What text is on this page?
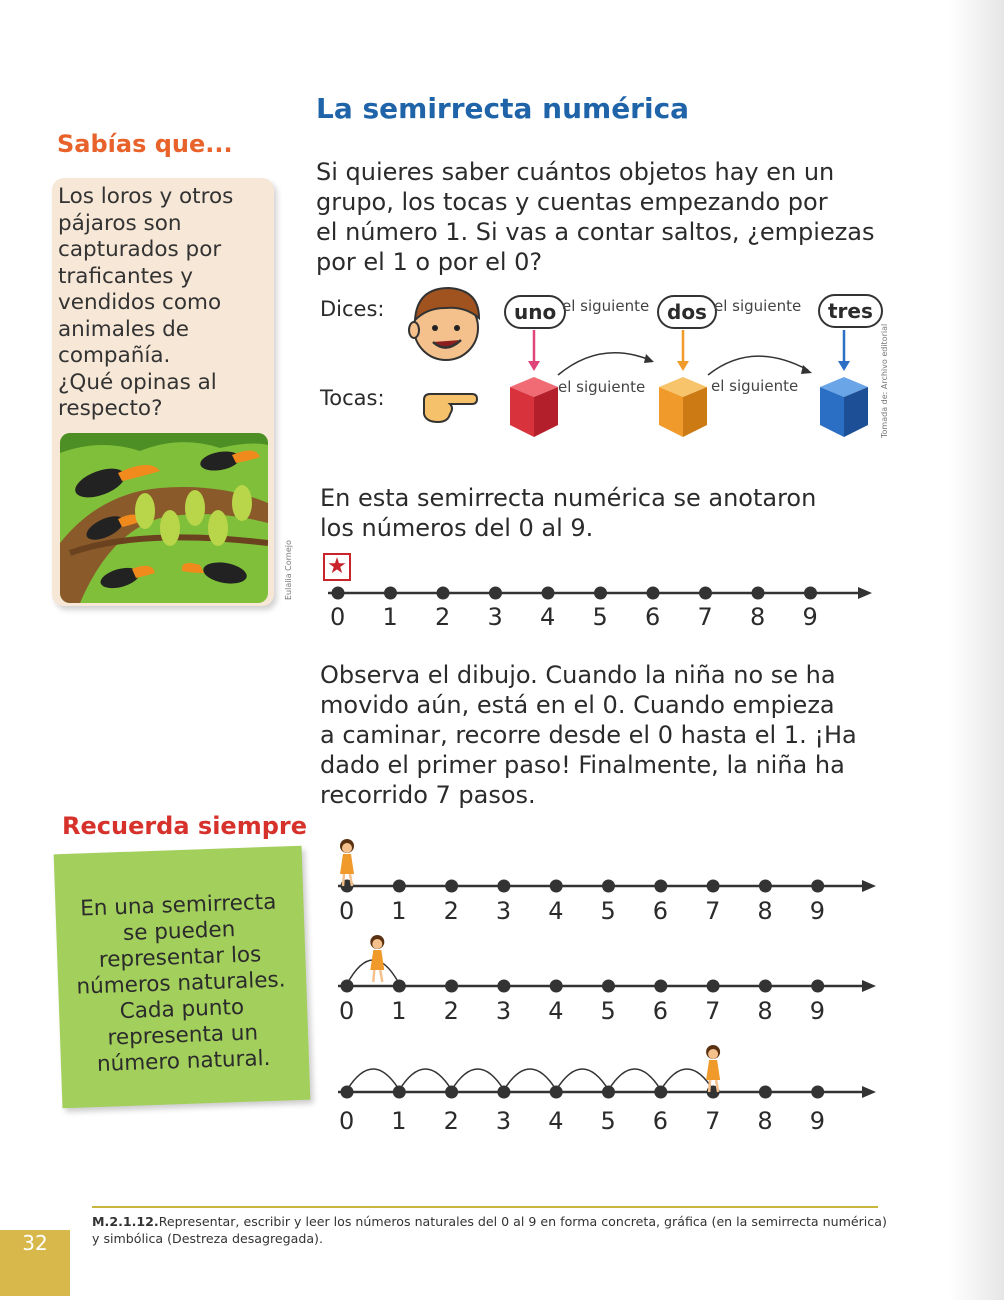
La semirrecta numérica
Sabías que...
Los loros y otros
pájaros son
capturados por
traficantes y
vendidos como
animales de
compañía.
¿Qué opinas al
respecto?
Eulalia Cornejo
Si quieres saber cuántos objetos hay en un
grupo, los tocas y cuentas empezando por
el número 1. Si vas a contar saltos, ¿empiezas
por el 1 o por el 0?
Dices:
Tocas:
uno	dos	tres
el siguiente	el siguiente
el siguiente	el siguiente	Tomada de: Archivo editorial
En esta semirrecta numérica se anotaron
los números del 0 al 9.
★
0 1 2 3 4 5 6 7 8 9
Observa el dibujo. Cuando la niña no se ha
movido aún, está en el 0. Cuando empieza
a caminar, recorre desde el 0 hasta el 1. ¡Ha
dado el primer paso! Finalmente, la niña ha
recorrido 7 pasos.
Recuerda siempre
En una semirrecta
se pueden
representar los
números naturales.
Cada punto
representa un
número natural.
0 1 2 3 4 5 6 7 8 9
0 1 2 3 4 5 6 7 8 9
0 1 2 3 4 5 6 7 8 9
M.2.1.12.Representar, escribir y leer los números naturales del 0 al 9 en forma concreta, gráfica (en la semirrecta numérica)
y simbólica (Destreza desagregada).
32
